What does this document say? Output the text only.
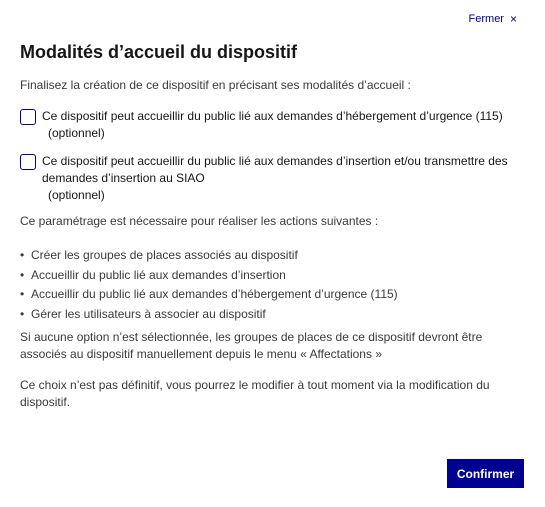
Fermer ×
Modalités d’accueil du dispositif

Finalisez la création de ce dispositif en précisant ses modalités d’accueil :

Ce dispositif peut accueillir du public lié aux demandes d’hébergement d’urgence (115)
(optionnel)
Ce dispositif peut accueillir du public lié aux demandes d’insertion et/ou transmettre des demandes d’insertion au SIAO
(optionnel)

Ce paramétrage est nécessaire pour réaliser les actions suivantes :

• Créer les groupes de places associés au dispositif
• Accueillir du public lié aux demandes d’insertion
• Accueillir du public lié aux demandes d’hébergement d’urgence (115)
• Gérer les utilisateurs à associer au dispositif

Si aucune option n’est sélectionnée, les groupes de places de ce dispositif devront être associés au dispositif manuellement depuis le menu « Affectations »

Ce choix n’est pas définitif, vous pourrez le modifier à tout moment via la modification du dispositif.

Confirmer
